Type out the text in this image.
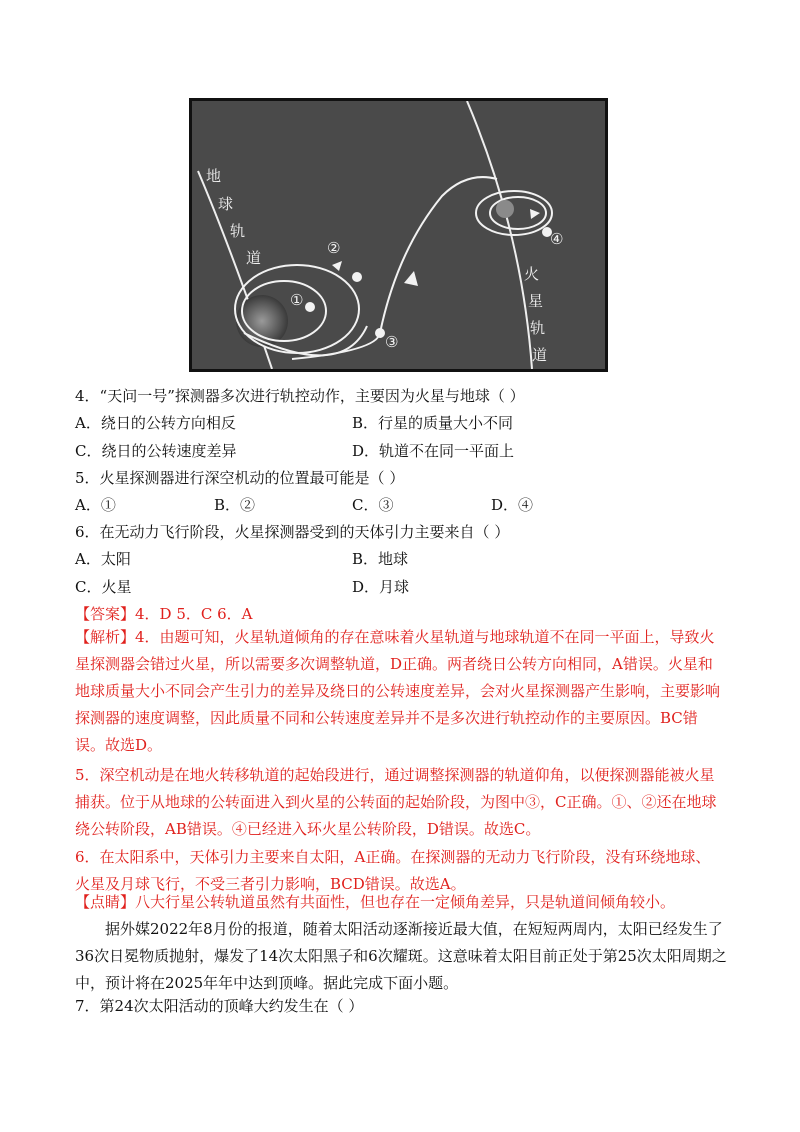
①
②
③
④
地
球
轨
道
火
星
轨
道
4．“天问一号”探测器多次进行轨控动作，主要因为火星与地球（ ）
A．绕日的公转方向相反	B．行星的质量大小不同
C．绕日的公转速度差异	D．轨道不在同一平面上
5．火星探测器进行深空机动的位置最可能是（ ）
A．①	B．②	C．③	D．④
6．在无动力飞行阶段，火星探测器受到的天体引力主要来自（ ）
A．太阳	B．地球
C．火星	D．月球
【答案】4．D 5．C 6．A
【解析】4．由题可知，火星轨道倾角的存在意味着火星轨道与地球轨道不在同一平面上，导致火星探测器会错过火星，所以需要多次调整轨道，D正确。两者绕日公转方向相同，A错误。火星和地球质量大小不同会产生引力的差异及绕日的公转速度差异，会对火星探测器产生影响，主要影响探测器的速度调整，因此质量不同和公转速度差异并不是多次进行轨控动作的主要原因。BC错误。故选D。
5．深空机动是在地火转移轨道的起始段进行，通过调整探测器的轨道仰角，以便探测器能被火星捕获。位于从地球的公转面进入到火星的公转面的起始阶段，为图中③，C正确。①、②还在地球绕公转阶段，AB错误。④已经进入环火星公转阶段，D错误。故选C。
6．在太阳系中，天体引力主要来自太阳，A正确。在探测器的无动力飞行阶段，没有环绕地球、火星及月球飞行，不受三者引力影响，BCD错误。故选A。
【点睛】八大行星公转轨道虽然有共面性，但也存在一定倾角差异，只是轨道间倾角较小。
据外媒2022年8月份的报道，随着太阳活动逐渐接近最大值，在短短两周内，太阳已经发生了36次日冕物质抛射，爆发了14次太阳黑子和6次耀斑。这意味着太阳目前正处于第25次太阳周期之中，预计将在2025年年中达到顶峰。据此完成下面小题。
7．第24次太阳活动的顶峰大约发生在（ ）
